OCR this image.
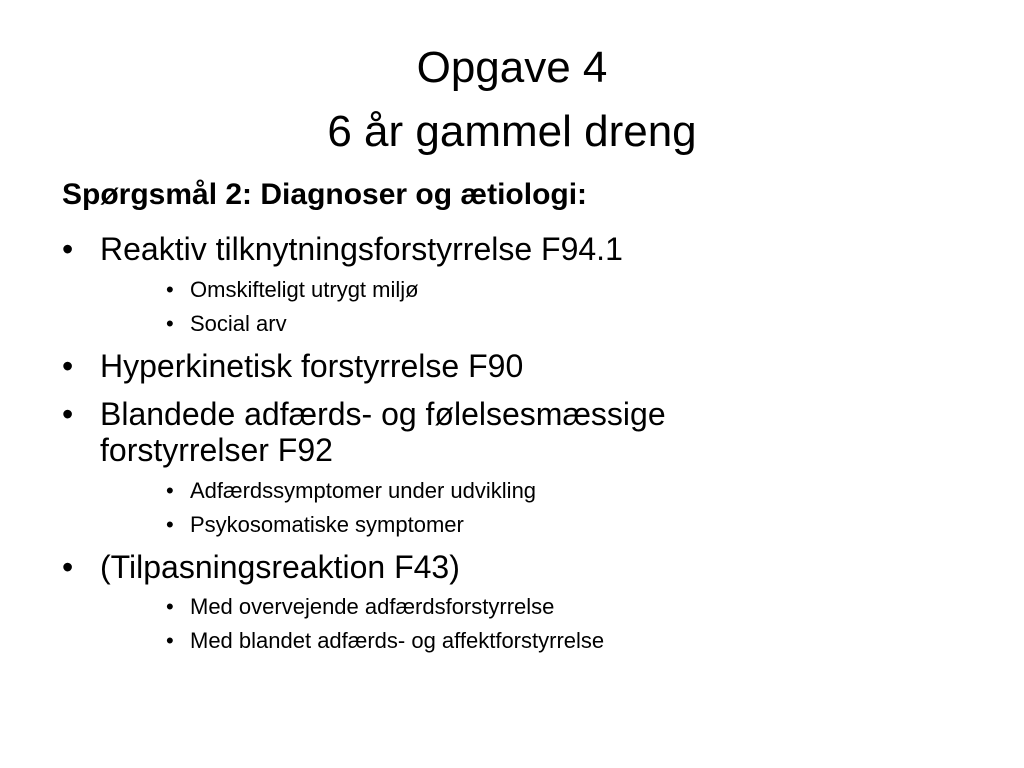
Opgave 4
6 år gammel dreng
Spørgsmål 2: Diagnoser og ætiologi:
• Reaktiv tilknytningsforstyrrelse F94.1
• Omskifteligt utrygt miljø
• Social arv
• Hyperkinetisk forstyrrelse F90
• Blandede adfærds- og følelsesmæssige
forstyrrelser F92
• Adfærdssymptomer under udvikling
• Psykosomatiske symptomer
• (Tilpasningsreaktion F43)
• Med overvejende adfærdsforstyrrelse
• Med blandet adfærds- og affektforstyrrelse
